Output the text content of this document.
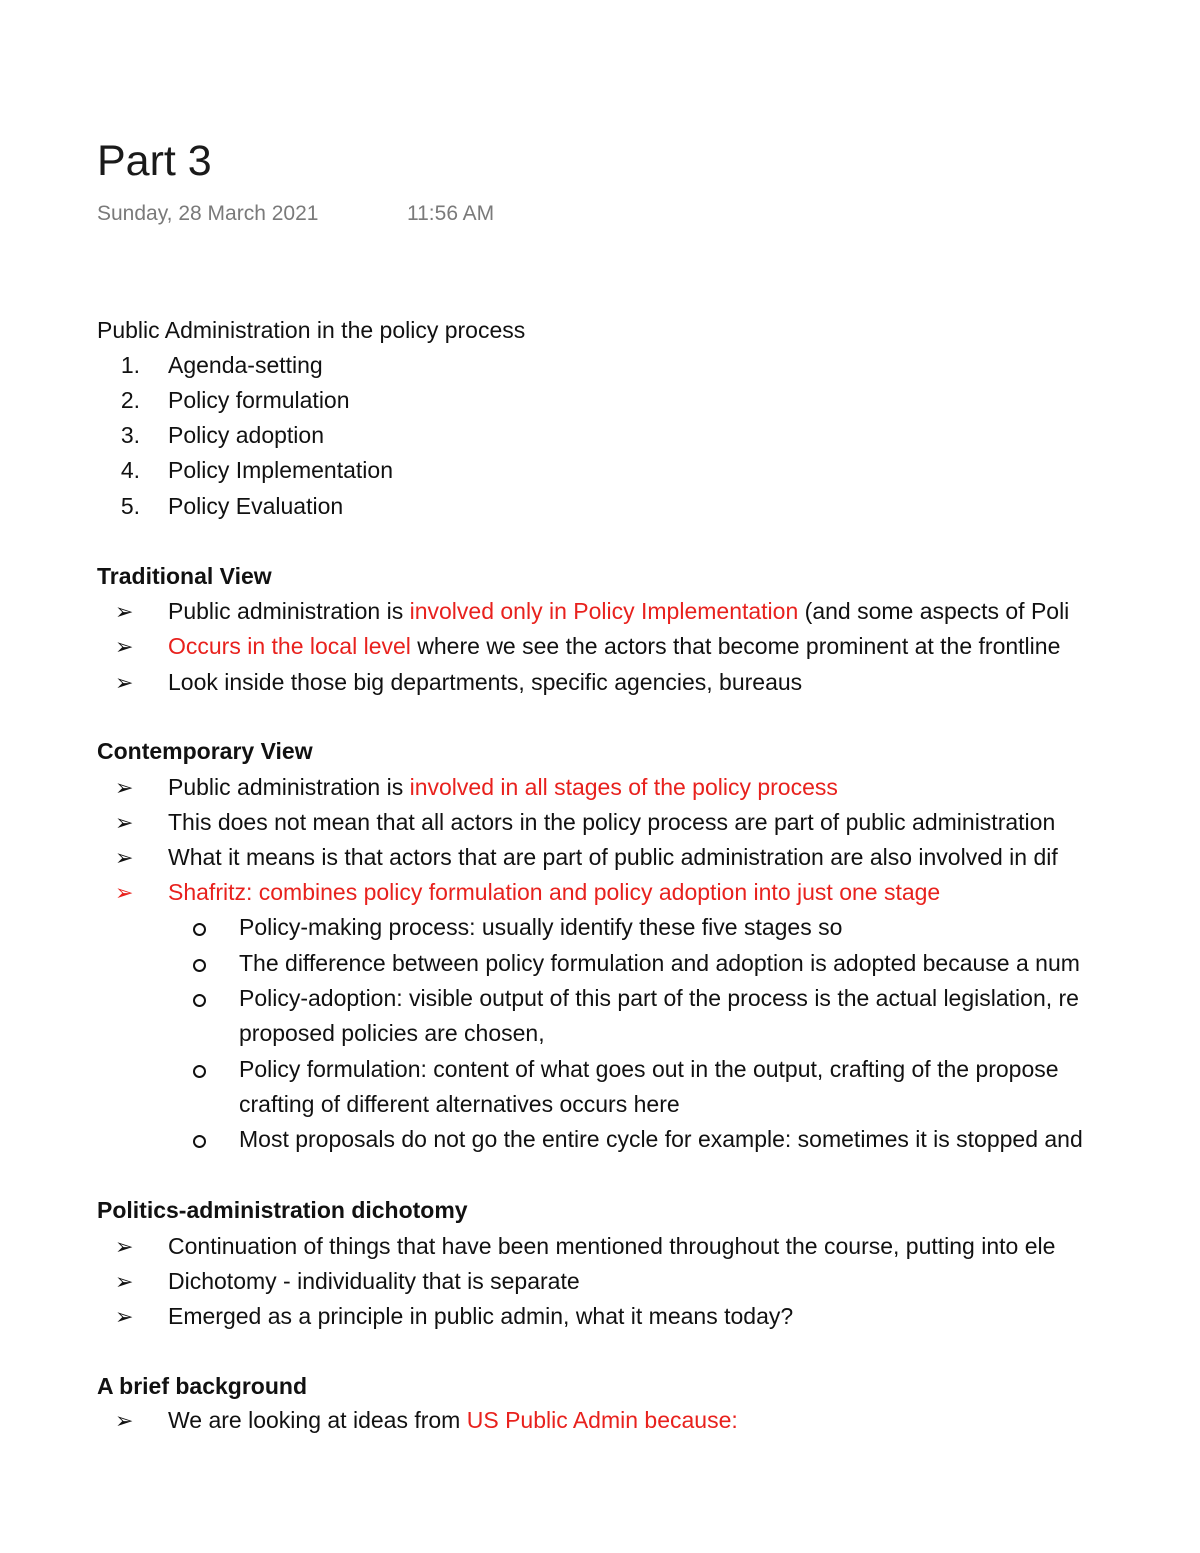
Part 3
Sunday, 28 March 2021	11:56 AM
Public Administration in the policy process
1. Agenda-setting
2. Policy formulation
3. Policy adoption
4. Policy Implementation
5. Policy Evaluation
Traditional View
➢ Public administration is involved only in Policy Implementation (and some aspects of Poli
➢ Occurs in the local level where we see the actors that become prominent at the frontline
➢ Look inside those big departments, specific agencies, bureaus
Contemporary View
➢ Public administration is involved in all stages of the policy process
➢ This does not mean that all actors in the policy process are part of public administration
➢ What it means is that actors that are part of public administration are also involved in dif
➢ Shafritz: combines policy formulation and policy adoption into just one stage
Policy-making process: usually identify these five stages so
The difference between policy formulation and adoption is adopted because a num
Policy-adoption: visible output of this part of the process is the actual legislation, re
proposed policies are chosen,
Policy formulation: content of what goes out in the output, crafting of the propose
crafting of different alternatives occurs here
Most proposals do not go the entire cycle for example: sometimes it is stopped and
Politics-administration dichotomy
➢ Continuation of things that have been mentioned throughout the course, putting into ele
➢ Dichotomy - individuality that is separate
➢ Emerged as a principle in public admin, what it means today?
A brief background
➢ We are looking at ideas from US Public Admin because:
